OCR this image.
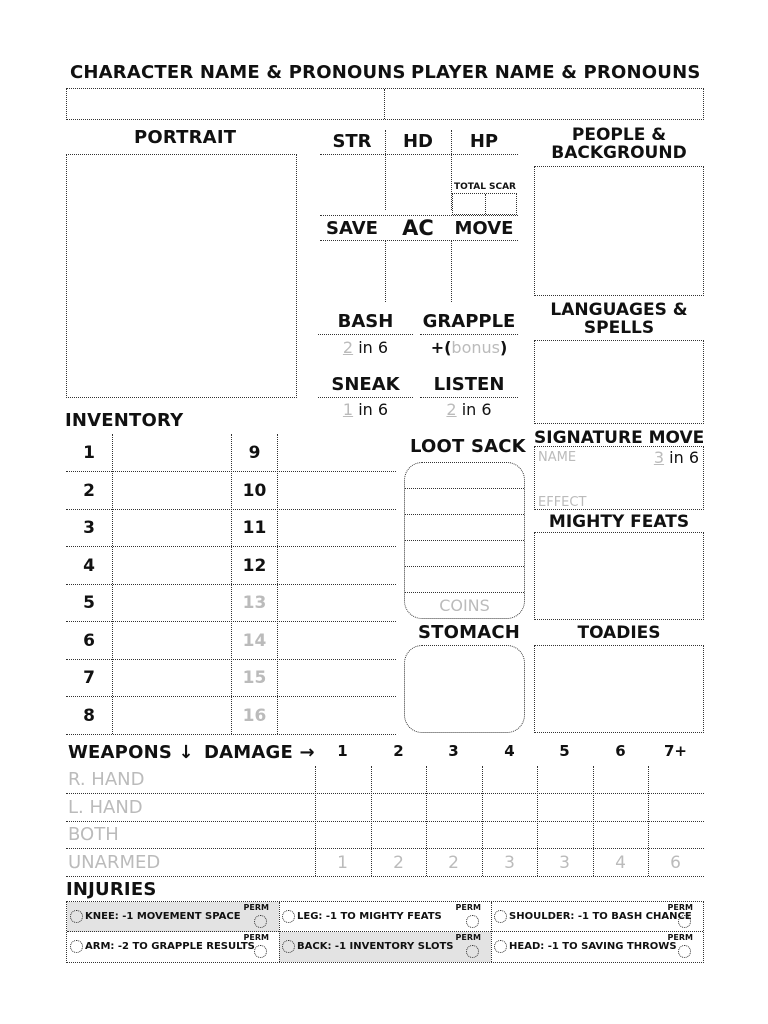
CHARACTER NAME & PRONOUNS PLAYER NAME & PRONOUNS
PORTRAIT	STR	HD	HP
TOTAL SCAR
SAVE	AC	MOVE
BASH
2 in 6
GRAPPLE
+(bonus)
SNEAK
1 in 6
LISTEN
2 in 6
PEOPLE &
BACKGROUND
LANGUAGES &
SPELLS
SIGNATURE MOVE
NAME	3 in 6
EFFECT
MIGHTY FEATS
TOADIES
INVENTORY
1	9
2	10
3	11
4	12
5	13
6	14
7	15
8	16
LOOT SACK
COINS
STOMACH
WEAPONS ↓ DAMAGE →	1	2	3	4	5	6	7+
R. HAND
L. HAND
BOTH
UNARMED	1	2	2	3	3	4	6
INJURIES
KNEE: -1 MOVEMENT SPACE
PERM
LEG: -1 TO MIGHTY FEATS
PERM
SHOULDER: -1 TO BASH CHANCE
PERM
ARM: -2 TO GRAPPLE RESULTS
PERM
BACK: -1 INVENTORY SLOTS
PERM
HEAD: -1 TO SAVING THROWS
PERM
